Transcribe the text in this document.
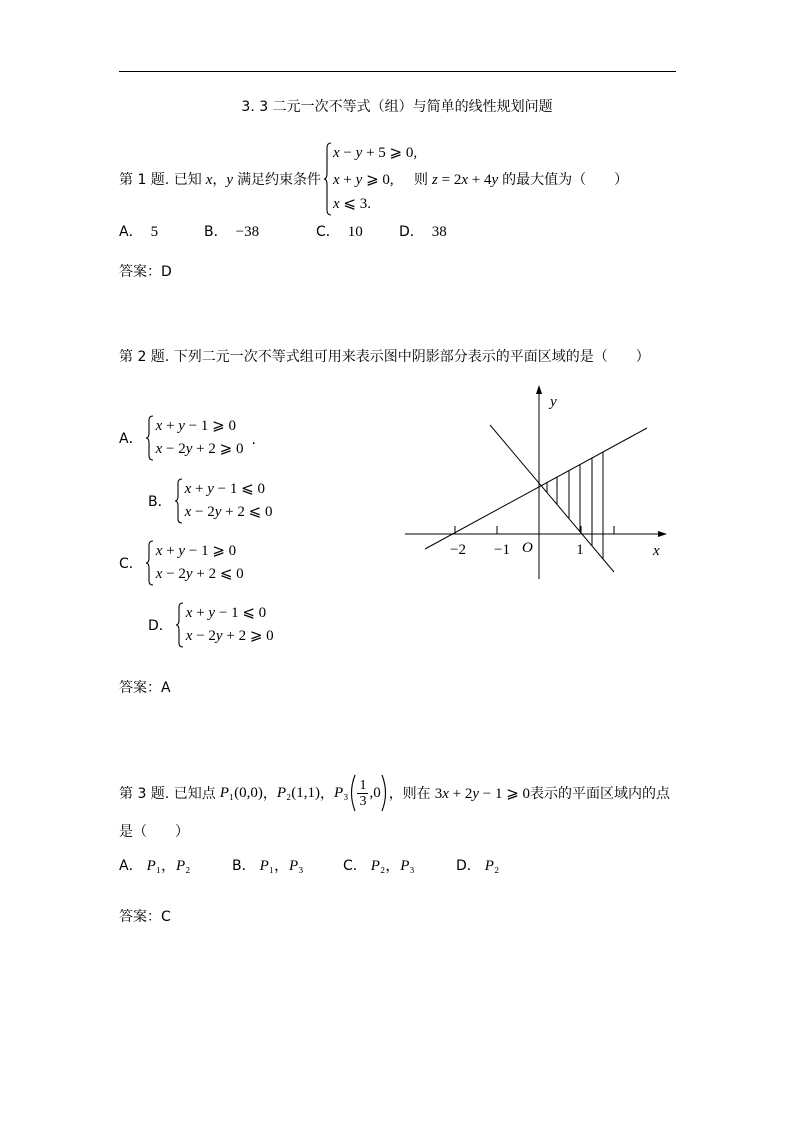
3. 3 二元一次不等式（组）与简单的线性规划问题
第 1 题. 已知 x，y 满足约束条件
x − y + 5 ⩾ 0,
x + y ⩾ 0,
x ⩽ 3.
则 z = 2x + 4y 的最大值为（　　）
A． 5	B． −38	C． 10	D． 38
答案：D
第 2 题. 下列二元一次不等式组可用来表示图中阴影部分表示的平面区域的是（　　）
A．
x + y − 1 ⩾ 0
x − 2y + 2 ⩾ 0
.
B．
x + y − 1 ⩽ 0
x − 2y + 2 ⩽ 0
C．
x + y − 1 ⩾ 0
x − 2y + 2 ⩽ 0
D．
x + y − 1 ⩽ 0
x − 2y + 2 ⩾ 0
y
x
O
−2 −1	1
答案：A
第 3 题. 已知点 P₁ (0,0) ， P₂ (1,1) ， $P_3 \frac{1}{3} ,0$ ，则在 3x + 2y − 1 ⩾ 0 表示的平面区域内的点
是（　　）
A． P₁，P₂	B． P₁，P₃	C． P₂，P₃	D． P₂
答案：C
